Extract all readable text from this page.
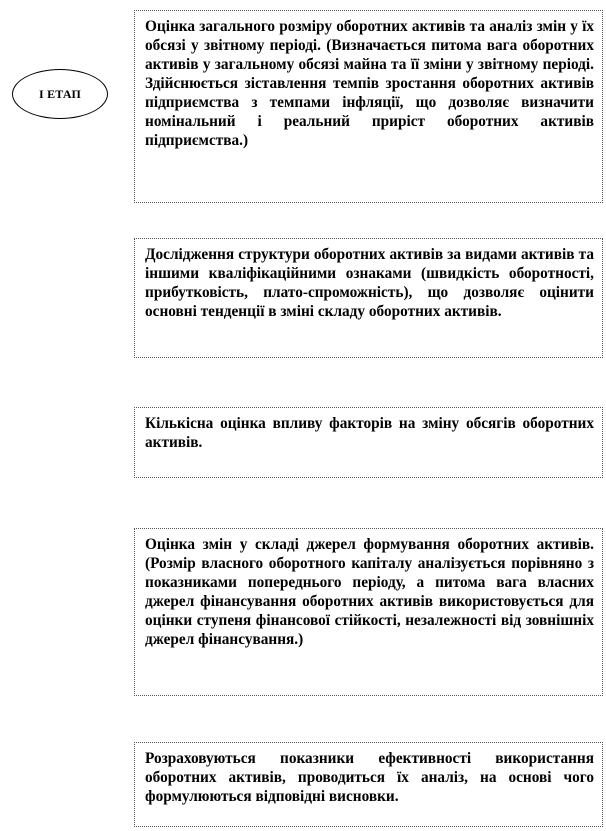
І ЕТАП
Оцінка загального розміру оборотних активів та аналіз змін у їх обсязі у звітному періоді. (Визначається питома вага оборотних активів у загальному обсязі майна та її зміни у звітному періоді. Здійснюється зіставлення темпів зростання оборотних активів підприємства з темпами інфляції, що дозволяє визначити номінальний і реальний приріст оборотних активів підприємства.)
Дослідження структури оборотних активів за видами активів та іншими кваліфікаційними ознаками (швидкість оборотності, прибутковість, плато-спроможність), що дозволяє оцінити основні тенденції в зміні складу оборотних активів.
Кількісна оцінка впливу факторів на зміну обсягів оборотних активів.
Оцінка змін у складі джерел формування оборотних активів. (Розмір власного оборотного капіталу аналізується порівняно з показниками попереднього періоду, а питома вага власних джерел фінансування оборотних активів використовується для оцінки ступеня фінансової стійкості, незалежності від зовнішніх джерел фінансування.)
Розраховуються показники ефективності використання оборотних активів, проводиться їх аналіз, на основі чого формулюються відповідні висновки.
